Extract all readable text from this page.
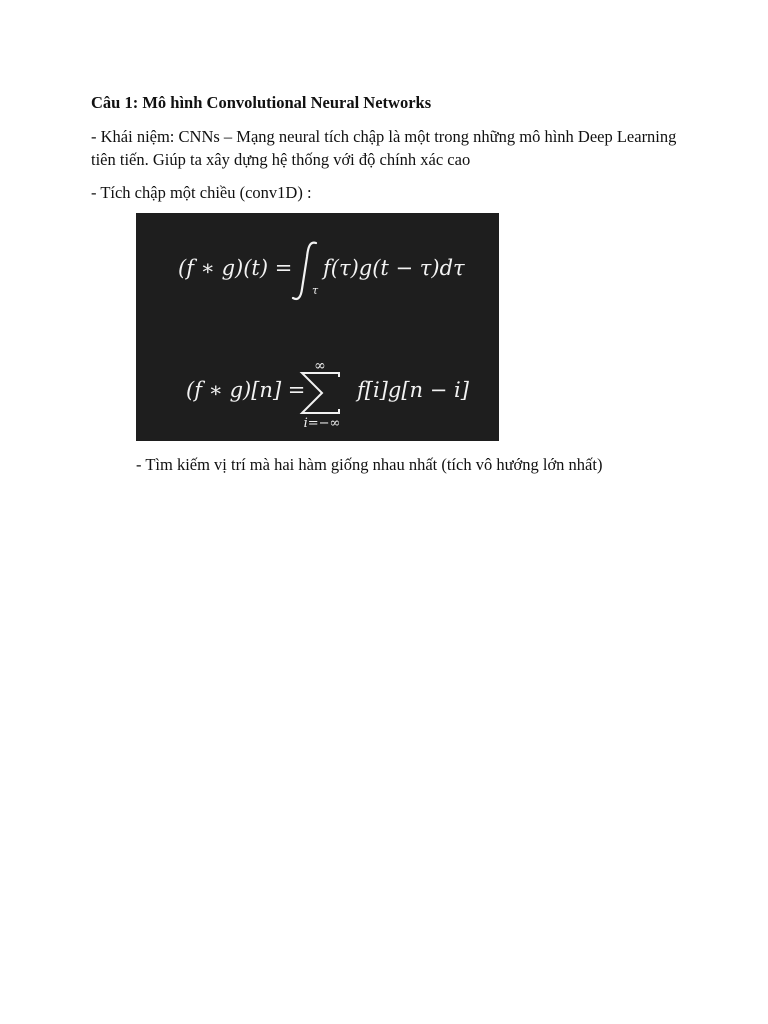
Câu 1: Mô hình Convolutional Neural Networks

- Khái niệm: CNNs – Mạng neural tích chập là một trong những mô hình Deep Learning tiên tiến. Giúp ta xây dựng hệ thống với độ chính xác cao

- Tích chập một chiều (conv1D) :

(f ∗ g)(t) =
τ
f(τ)g(t − τ)dτ
(f ∗ g)[n] =
∞
i=−∞
f[i]g[n − i]

- Tìm kiếm vị trí mà hai hàm giống nhau nhất (tích vô hướng lớn nhất)
